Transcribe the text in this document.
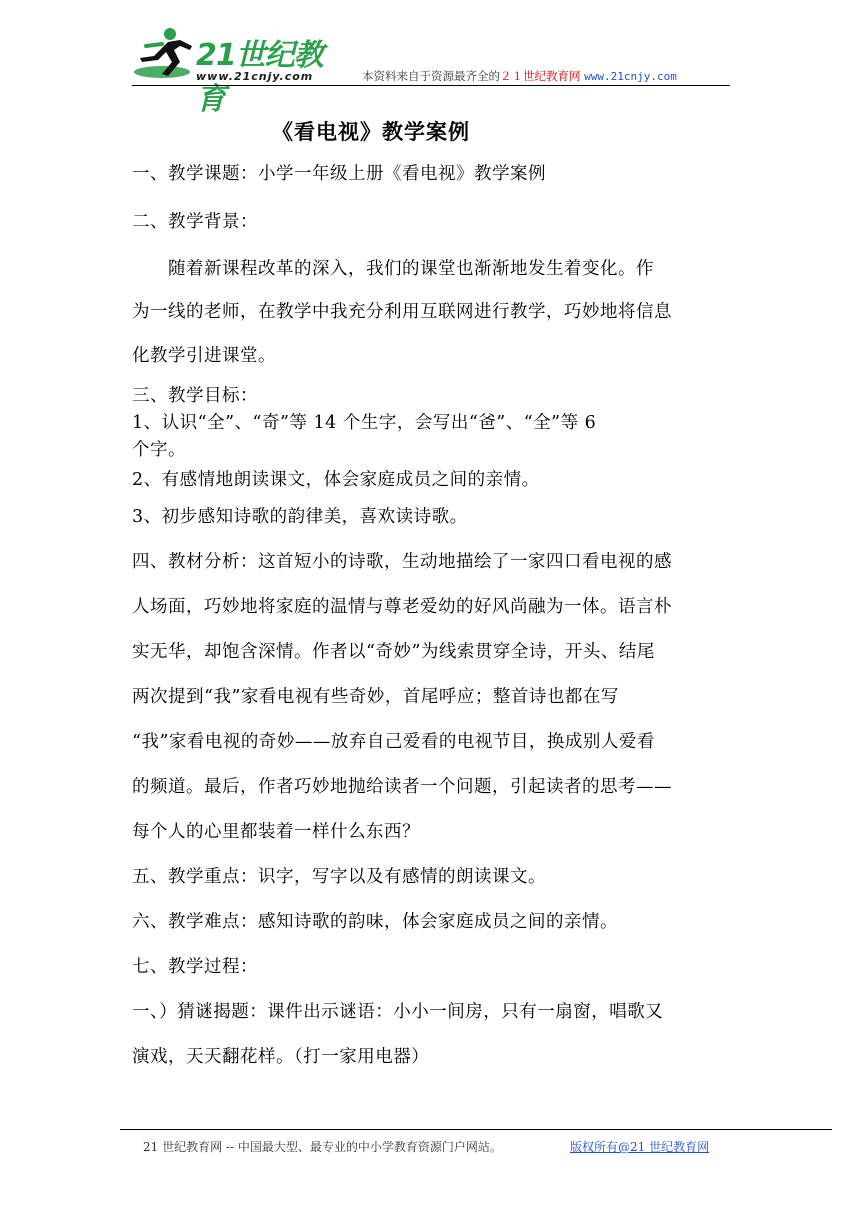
21世纪教育
www.21cnjy.com	本资料来自于资源最齐全的２１世纪教育网 www.21cnjy.com
《看电视》教学案例
一、教学课题：小学一年级上册《看电视》教学案例
二、教学背景：
　　随着新课程改革的深入，我们的课堂也渐渐地发生着变化。作
为一线的老师，在教学中我充分利用互联网进行教学，巧妙地将信息
化教学引进课堂。
三、教学目标：
1、认识“全”、“奇”等 14 个生字，会写出“爸”、“全”等 6
个字。
2、有感情地朗读课文，体会家庭成员之间的亲情。
3、初步感知诗歌的韵律美，喜欢读诗歌。
四、教材分析：这首短小的诗歌，生动地描绘了一家四口看电视的感
人场面，巧妙地将家庭的温情与尊老爱幼的好风尚融为一体。语言朴
实无华，却饱含深情。作者以“奇妙”为线索贯穿全诗，开头、结尾
两次提到“我”家看电视有些奇妙，首尾呼应；整首诗也都在写
“我”家看电视的奇妙——放弃自己爱看的电视节目，换成别人爱看
的频道。最后，作者巧妙地抛给读者一个问题，引起读者的思考——
每个人的心里都装着一样什么东西？
五、教学重点：识字，写字以及有感情的朗读课文。
六、教学难点：感知诗歌的韵味，体会家庭成员之间的亲情。
七、教学过程：
一、）猜谜揭题：课件出示谜语：小小一间房，只有一扇窗，唱歌又
演戏，天天翻花样。（打一家用电器）
21 世纪教育网 -- 中国最大型、最专业的中小学教育资源门户网站。	版权所有@21 世纪教育网
